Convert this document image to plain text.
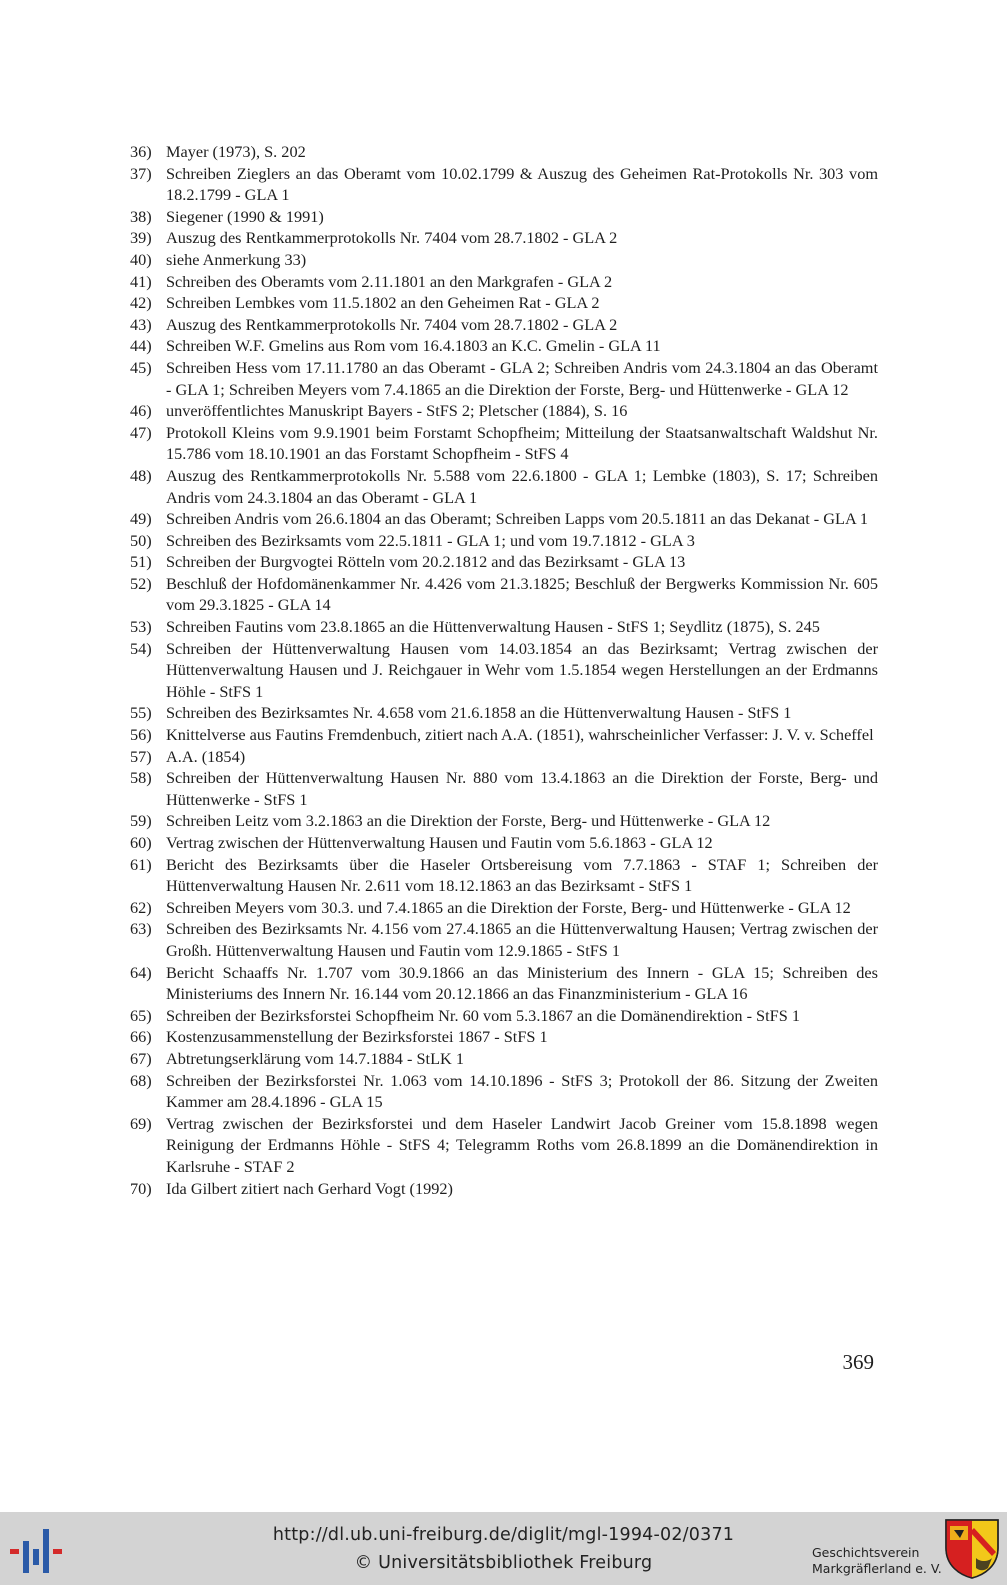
36) Mayer (1973), S. 202
37) Schreiben Zieglers an das Oberamt vom 10.02.1799 & Auszug des Geheimen Rat-Protokolls Nr. 303 vom 18.2.1799 - GLA 1
38) Siegener (1990 & 1991)
39) Auszug des Rentkammerprotokolls Nr. 7404 vom 28.7.1802 - GLA 2
40) siehe Anmerkung 33)
41) Schreiben des Oberamts vom 2.11.1801 an den Markgrafen - GLA 2
42) Schreiben Lembkes vom 11.5.1802 an den Geheimen Rat - GLA 2
43) Auszug des Rentkammerprotokolls Nr. 7404 vom 28.7.1802 - GLA 2
44) Schreiben W.F. Gmelins aus Rom vom 16.4.1803 an K.C. Gmelin - GLA 11
45) Schreiben Hess vom 17.11.1780 an das Oberamt - GLA 2; Schreiben Andris vom 24.3.1804 an das Oberamt - GLA 1; Schreiben Meyers vom 7.4.1865 an die Direktion der Forste, Berg- und Hüttenwerke - GLA 12
46) unveröffentlichtes Manuskript Bayers - StFS 2; Pletscher (1884), S. 16
47) Protokoll Kleins vom 9.9.1901 beim Forstamt Schopfheim; Mitteilung der Staatsanwaltschaft Waldshut Nr. 15.786 vom 18.10.1901 an das Forstamt Schopfheim - StFS 4
48) Auszug des Rentkammerprotokolls Nr. 5.588 vom 22.6.1800 - GLA 1; Lembke (1803), S. 17; Schreiben Andris vom 24.3.1804 an das Oberamt - GLA 1
49) Schreiben Andris vom 26.6.1804 an das Oberamt; Schreiben Lapps vom 20.5.1811 an das Dekanat - GLA 1
50) Schreiben des Bezirksamts vom 22.5.1811 - GLA 1; und vom 19.7.1812 - GLA 3
51) Schreiben der Burgvogtei Rötteln vom 20.2.1812 and das Bezirksamt - GLA 13
52) Beschluß der Hofdomänenkammer Nr. 4.426 vom 21.3.1825; Beschluß der Bergwerks Kommission Nr. 605 vom 29.3.1825 - GLA 14
53) Schreiben Fautins vom 23.8.1865 an die Hüttenverwaltung Hausen - StFS 1; Seydlitz (1875), S. 245
54) Schreiben der Hüttenverwaltung Hausen vom 14.03.1854 an das Bezirksamt; Vertrag zwischen der Hüttenverwaltung Hausen und J. Reichgauer in Wehr vom 1.5.1854 wegen Herstellungen an der Erdmanns Höhle - StFS 1
55) Schreiben des Bezirksamtes Nr. 4.658 vom 21.6.1858 an die Hüttenverwaltung Hausen - StFS 1
56) Knittelverse aus Fautins Fremdenbuch, zitiert nach A.A. (1851), wahrscheinlicher Verfasser: J. V. v. Scheffel
57) A.A. (1854)
58) Schreiben der Hüttenverwaltung Hausen Nr. 880 vom 13.4.1863 an die Direktion der Forste, Berg- und Hüttenwerke - StFS 1
59) Schreiben Leitz vom 3.2.1863 an die Direktion der Forste, Berg- und Hüttenwerke - GLA 12
60) Vertrag zwischen der Hüttenverwaltung Hausen und Fautin vom 5.6.1863 - GLA 12
61) Bericht des Bezirksamts über die Haseler Ortsbereisung vom 7.7.1863 - STAF 1; Schreiben der Hüttenverwaltung Hausen Nr. 2.611 vom 18.12.1863 an das Bezirksamt - StFS 1
62) Schreiben Meyers vom 30.3. und 7.4.1865 an die Direktion der Forste, Berg- und Hüttenwerke - GLA 12
63) Schreiben des Bezirksamts Nr. 4.156 vom 27.4.1865 an die Hüttenverwaltung Hausen; Vertrag zwischen der Großh. Hüttenverwaltung Hausen und Fautin vom 12.9.1865 - StFS 1
64) Bericht Schaaffs Nr. 1.707 vom 30.9.1866 an das Ministerium des Innern - GLA 15; Schreiben des Ministeriums des Innern Nr. 16.144 vom 20.12.1866 an das Finanzministerium - GLA 16
65) Schreiben der Bezirksforstei Schopfheim Nr. 60 vom 5.3.1867 an die Domänendirektion - StFS 1
66) Kostenzusammenstellung der Bezirksforstei 1867 - StFS 1
67) Abtretungserklärung vom 14.7.1884 - StLK 1
68) Schreiben der Bezirksforstei Nr. 1.063 vom 14.10.1896 - StFS 3; Protokoll der 86. Sitzung der Zweiten Kammer am 28.4.1896 - GLA 15
69) Vertrag zwischen der Bezirksforstei und dem Haseler Landwirt Jacob Greiner vom 15.8.1898 wegen Reinigung der Erdmanns Höhle - StFS 4; Telegramm Roths vom 26.8.1899 an die Domänendirektion in Karlsruhe - STAF 2
70) Ida Gilbert zitiert nach Gerhard Vogt (1992)
369
http://dl.ub.uni-freiburg.de/diglit/mgl-1994-02/0371
© Universitätsbibliothek Freiburg
Geschichtsverein
Markgräflerland e. V.
